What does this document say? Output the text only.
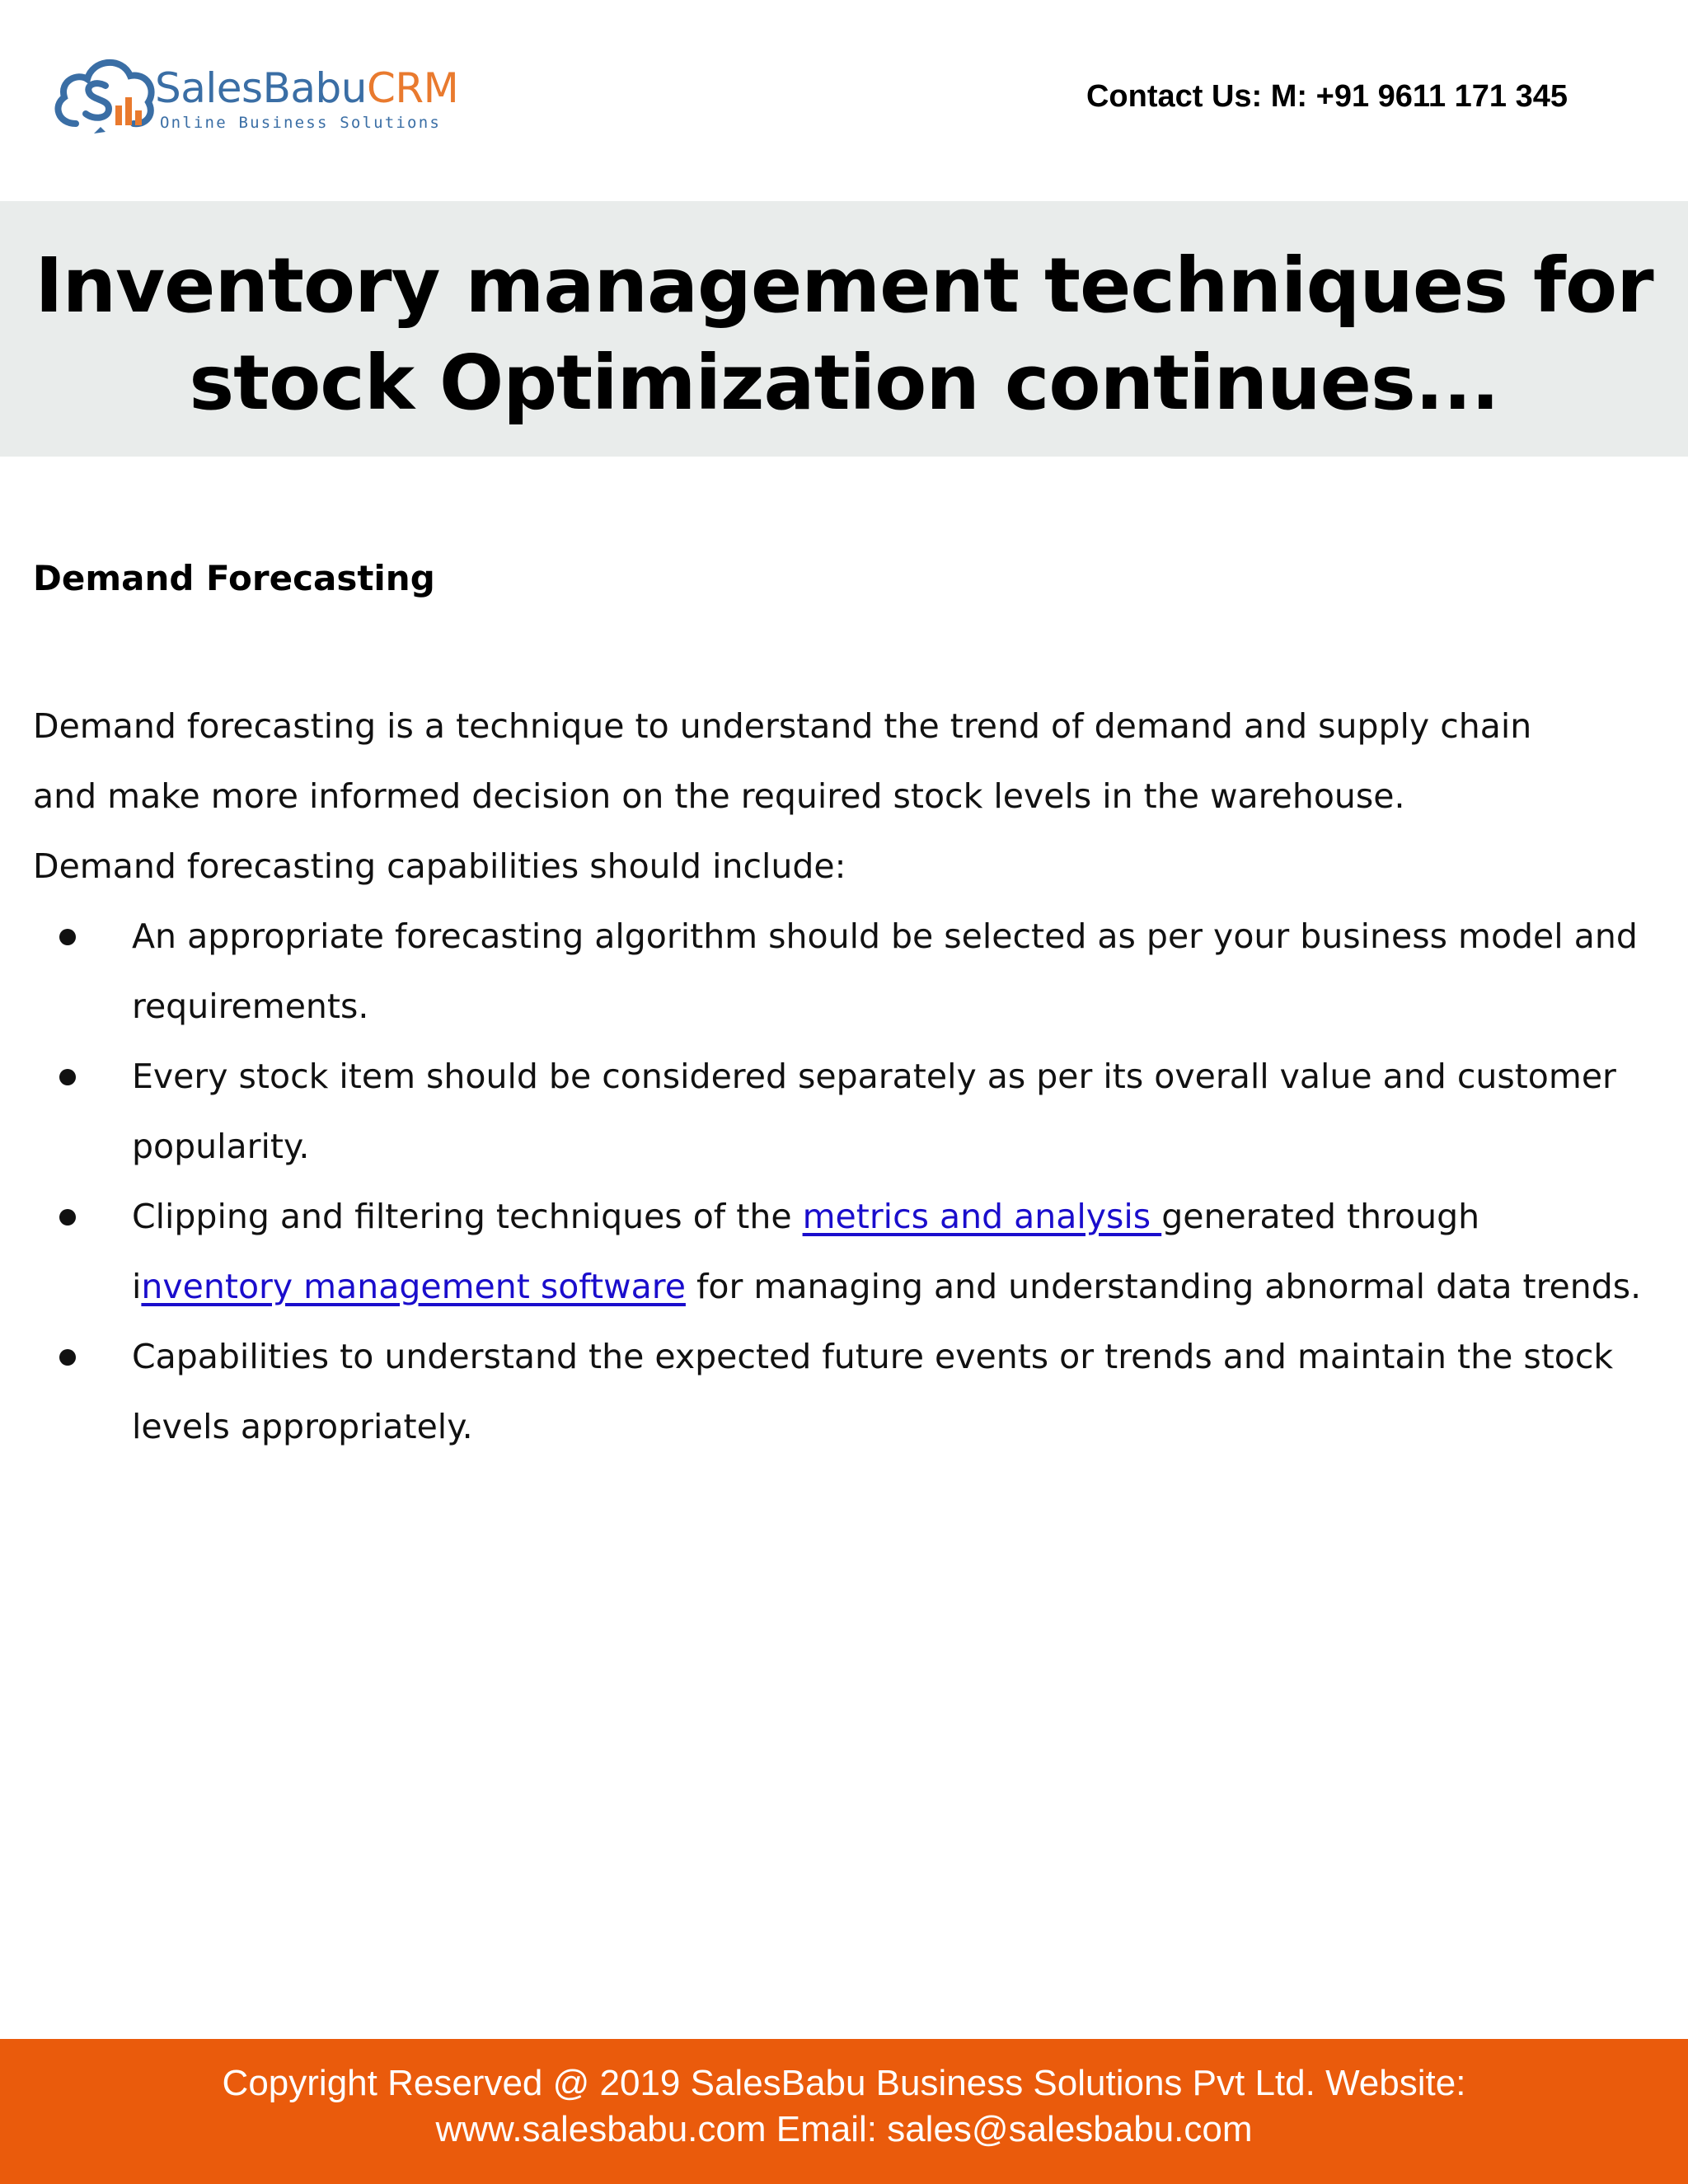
SalesBabuCRM
Online Business Solutions
Contact Us: M: +91 9611 171 345
Inventory management techniques for
stock Optimization continues...
Demand Forecasting

Demand forecasting is a technique to understand the trend of demand and supply chain
and make more informed decision on the required stock levels in the warehouse.
Demand forecasting capabilities should include:

An appropriate forecasting algorithm should be selected as per your business model and requirements.
Every stock item should be considered separately as per its overall value and customer popularity.
Clipping and filtering techniques of the metrics and analysis generated through inventory management software for managing and understanding abnormal data trends.
Capabilities to understand the expected future events or trends and maintain the stock levels appropriately.
Copyright Reserved @ 2019 SalesBabu Business Solutions Pvt Ltd. Website:
www.salesbabu.com Email: sales@salesbabu.com
